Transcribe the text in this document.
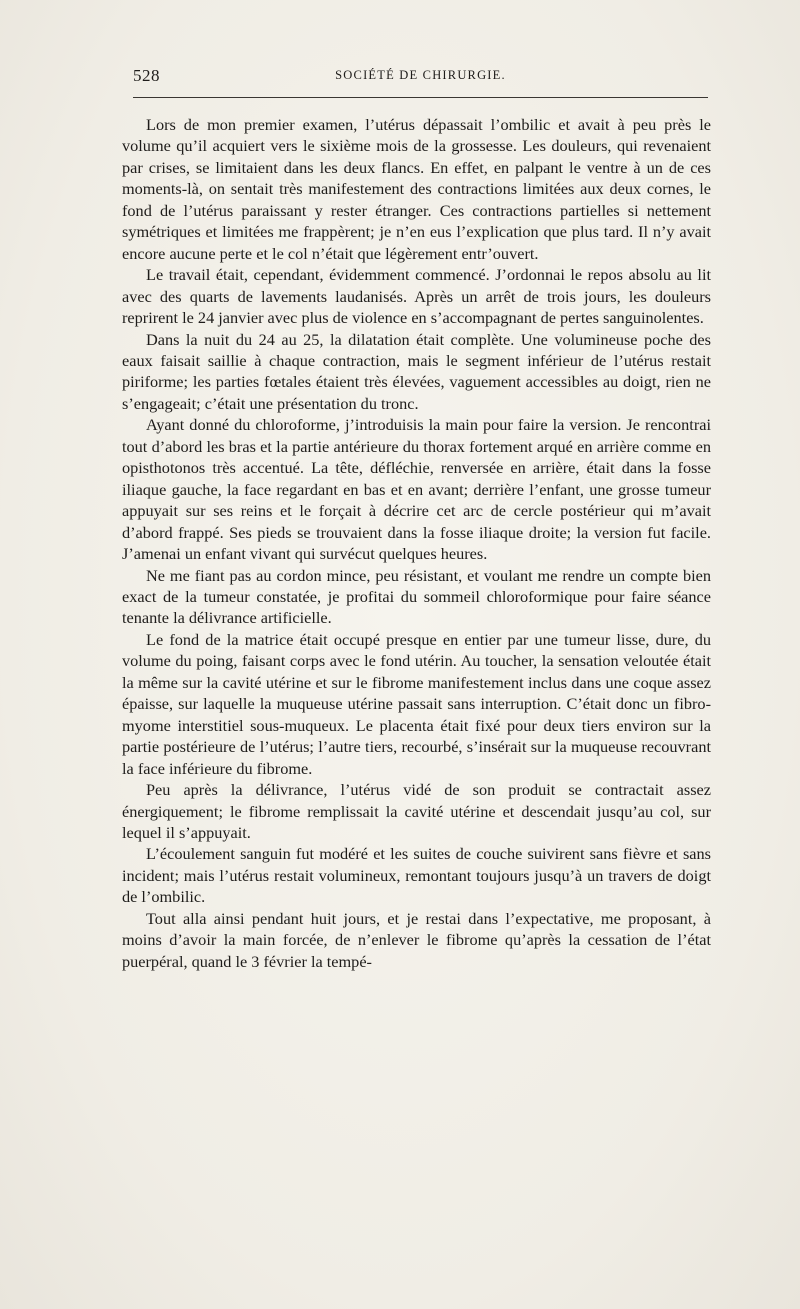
528	SOCIÉTÉ DE CHIRURGIE.

Lors de mon premier examen, l’utérus dépassait l’ombilic et avait à peu près le volume qu’il acquiert vers le sixième mois de la grossesse. Les douleurs, qui revenaient par crises, se limitaient dans les deux flancs. En effet, en palpant le ventre à un de ces moments-là, on sentait très manifestement des contractions limitées aux deux cornes, le fond de l’utérus paraissant y rester étranger. Ces contractions partielles si nettement symétriques et limitées me frappèrent; je n’en eus l’explication que plus tard. Il n’y avait encore aucune perte et le col n’était que légèrement entr’ouvert.

Le travail était, cependant, évidemment commencé. J’ordonnai le repos absolu au lit avec des quarts de lavements laudanisés. Après un arrêt de trois jours, les douleurs reprirent le 24 janvier avec plus de violence en s’accompagnant de pertes sanguinolentes.

Dans la nuit du 24 au 25, la dilatation était complète. Une volumineuse poche des eaux faisait saillie à chaque contraction, mais le segment inférieur de l’utérus restait piriforme; les parties fœtales étaient très élevées, vaguement accessibles au doigt, rien ne s’engageait; c’était une présentation du tronc.

Ayant donné du chloroforme, j’introduisis la main pour faire la version. Je rencontrai tout d’abord les bras et la partie antérieure du thorax fortement arqué en arrière comme en opisthotonos très accentué. La tête, défléchie, renversée en arrière, était dans la fosse iliaque gauche, la face regardant en bas et en avant; derrière l’enfant, une grosse tumeur appuyait sur ses reins et le forçait à décrire cet arc de cercle postérieur qui m’avait d’abord frappé. Ses pieds se trouvaient dans la fosse iliaque droite; la version fut facile. J’amenai un enfant vivant qui survécut quelques heures.

Ne me fiant pas au cordon mince, peu résistant, et voulant me rendre un compte bien exact de la tumeur constatée, je profitai du sommeil chloroformique pour faire séance tenante la délivrance artificielle.

Le fond de la matrice était occupé presque en entier par une tumeur lisse, dure, du volume du poing, faisant corps avec le fond utérin. Au toucher, la sensation veloutée était la même sur la cavité utérine et sur le fibrome manifestement inclus dans une coque assez épaisse, sur laquelle la muqueuse utérine passait sans interruption. C’était donc un fibro-myome interstitiel sous-muqueux. Le placenta était fixé pour deux tiers environ sur la partie postérieure de l’utérus; l’autre tiers, recourbé, s’insérait sur la muqueuse recouvrant la face inférieure du fibrome.

Peu après la délivrance, l’utérus vidé de son produit se contractait assez énergiquement; le fibrome remplissait la cavité utérine et descendait jusqu’au col, sur lequel il s’appuyait.

L’écoulement sanguin fut modéré et les suites de couche suivirent sans fièvre et sans incident; mais l’utérus restait volumineux, remontant toujours jusqu’à un travers de doigt de l’ombilic.

Tout alla ainsi pendant huit jours, et je restai dans l’expectative, me proposant, à moins d’avoir la main forcée, de n’enlever le fibrome qu’après la cessation de l’état puerpéral, quand le 3 février la tempé-
